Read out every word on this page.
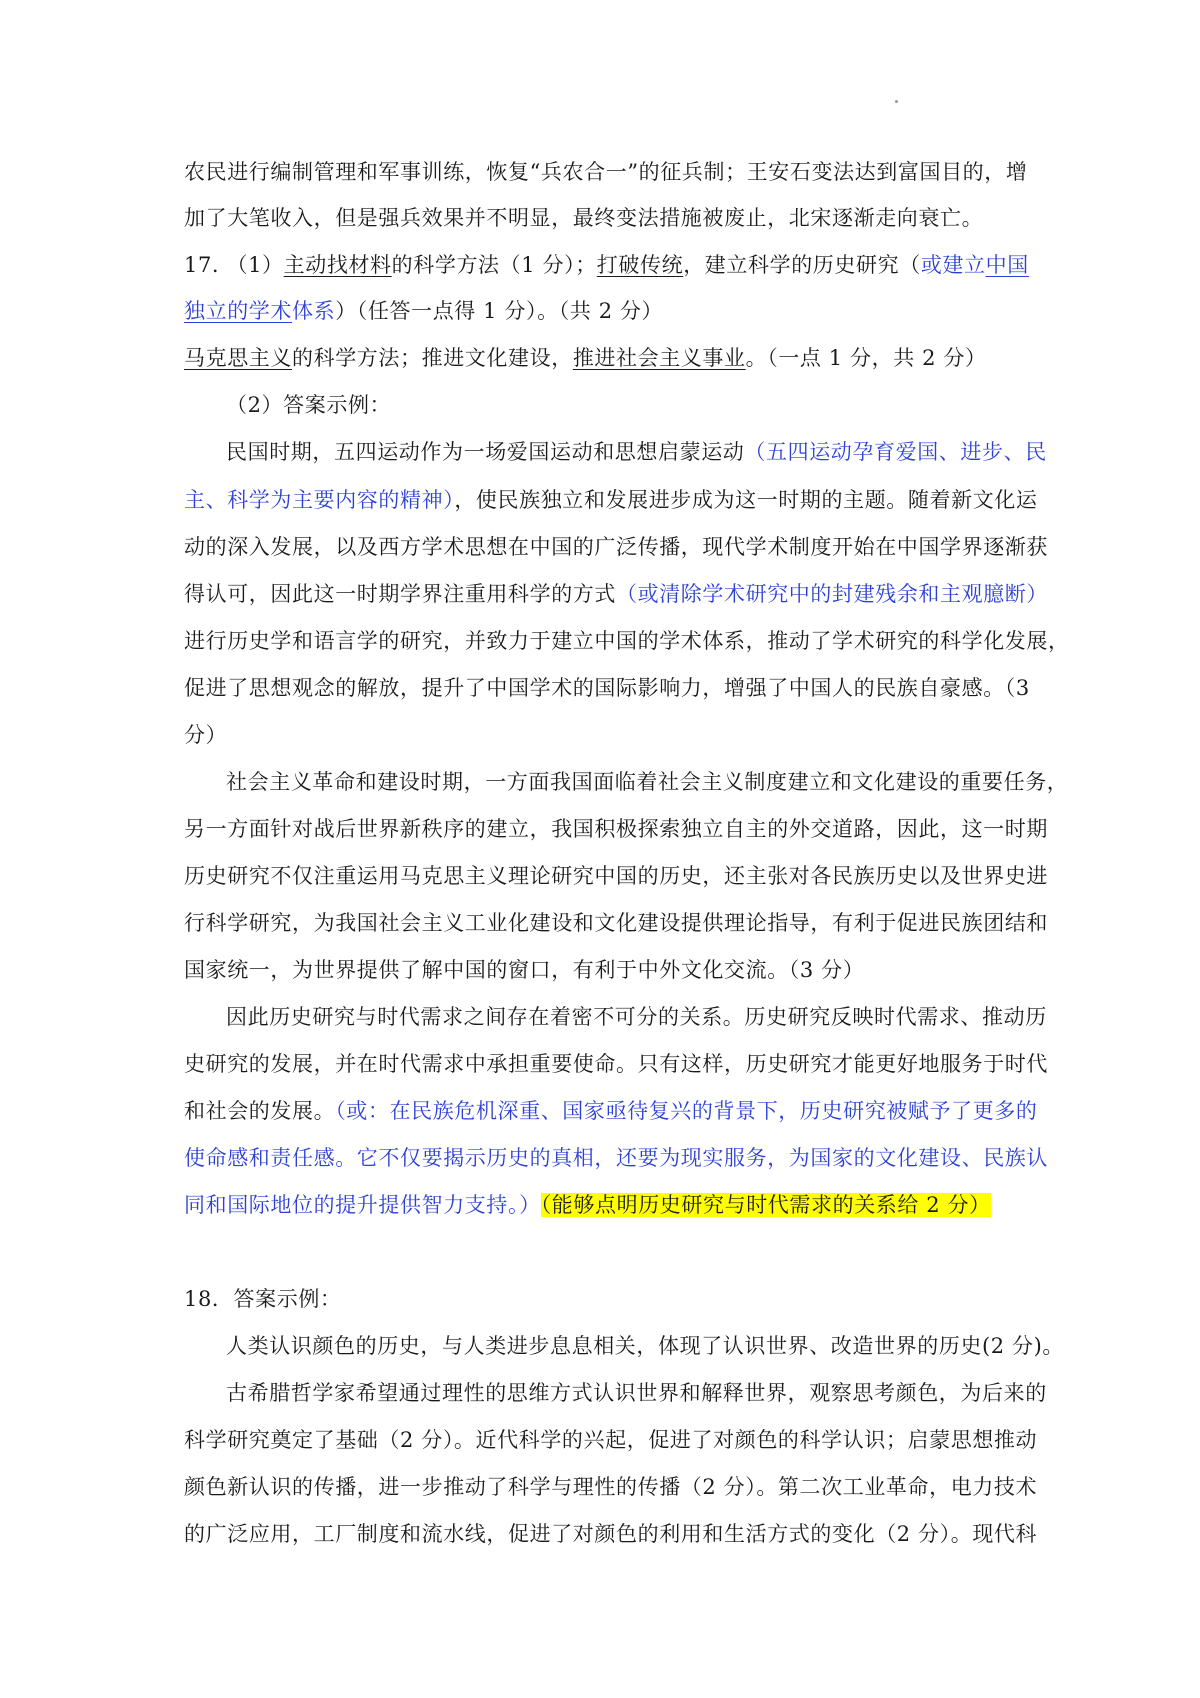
农民进行编制管理和军事训练，恢复“兵农合一”的征兵制；王安石变法达到富国目的，增
加了大笔收入，但是强兵效果并不明显，最终变法措施被废止，北宋逐渐走向衰亡。
17. （1）主动找材料的科学方法（1 分）；打破传统，建立科学的历史研究（或建立中国
独立的学术体系）（任答一点得 1 分）。（共 2 分）
马克思主义的科学方法；推进文化建设，推进社会主义事业。（一点 1 分，共 2 分）
（2）答案示例：
民国时期，五四运动作为一场爱国运动和思想启蒙运动（五四运动孕育爱国、进步、民
主、科学为主要内容的精神），使民族独立和发展进步成为这一时期的主题。随着新文化运
动的深入发展，以及西方学术思想在中国的广泛传播，现代学术制度开始在中国学界逐渐获
得认可，因此这一时期学界注重用科学的方式（或清除学术研究中的封建残余和主观臆断）
进行历史学和语言学的研究，并致力于建立中国的学术体系，推动了学术研究的科学化发展，
促进了思想观念的解放，提升了中国学术的国际影响力，增强了中国人的民族自豪感。（3
分）
社会主义革命和建设时期，一方面我国面临着社会主义制度建立和文化建设的重要任务，
另一方面针对战后世界新秩序的建立，我国积极探索独立自主的外交道路，因此，这一时期
历史研究不仅注重运用马克思主义理论研究中国的历史，还主张对各民族历史以及世界史进
行科学研究，为我国社会主义工业化建设和文化建设提供理论指导，有利于促进民族团结和
国家统一，为世界提供了解中国的窗口，有利于中外文化交流。（3 分）
因此历史研究与时代需求之间存在着密不可分的关系。历史研究反映时代需求、推动历
史研究的发展，并在时代需求中承担重要使命。只有这样，历史研究才能更好地服务于时代
和社会的发展。（或：在民族危机深重、国家亟待复兴的背景下，历史研究被赋予了更多的
使命感和责任感。它不仅要揭示历史的真相，还要为现实服务，为国家的文化建设、民族认
同和国际地位的提升提供智力支持。）（能够点明历史研究与时代需求的关系给 2 分）
18．答案示例：
人类认识颜色的历史，与人类进步息息相关，体现了认识世界、改造世界的历史(2 分)。
古希腊哲学家希望通过理性的思维方式认识世界和解释世界，观察思考颜色，为后来的
科学研究奠定了基础（2 分）。近代科学的兴起，促进了对颜色的科学认识；启蒙思想推动
颜色新认识的传播，进一步推动了科学与理性的传播（2 分）。第二次工业革命，电力技术
的广泛应用，工厂制度和流水线，促进了对颜色的利用和生活方式的变化（2 分）。现代科
